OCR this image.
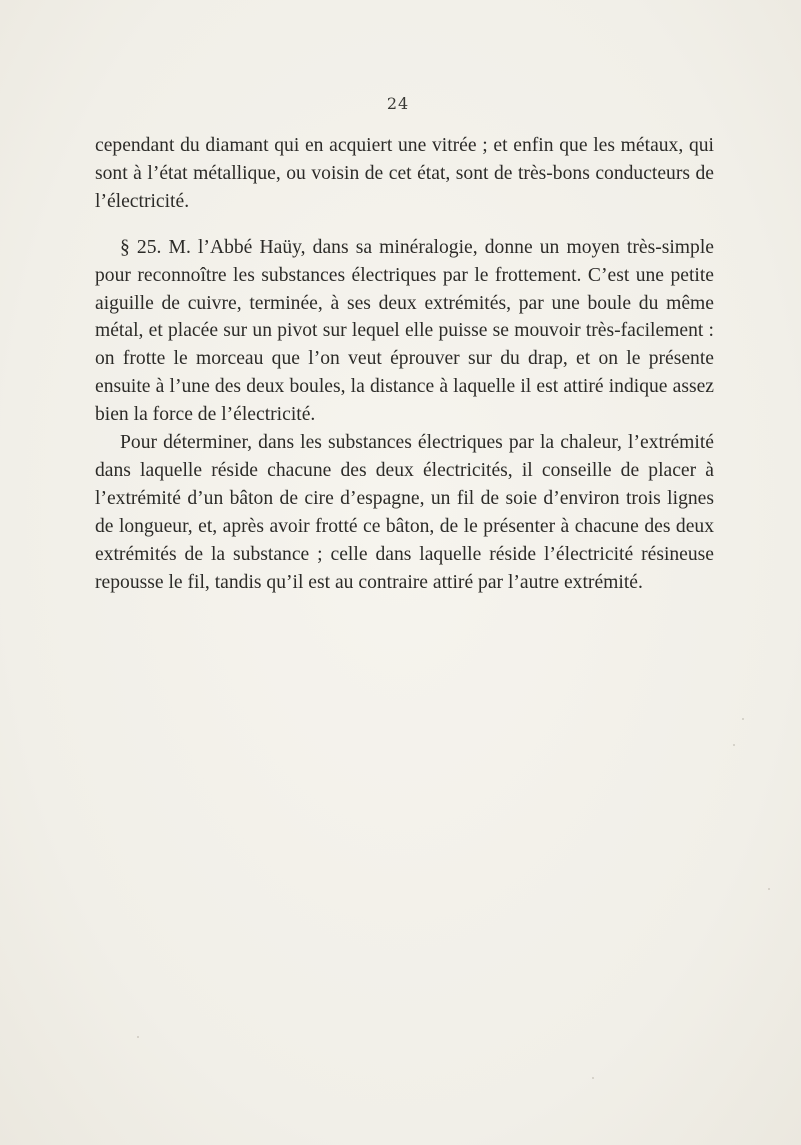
24

cependant du diamant qui en acquiert une vitrée ; et enfin que les métaux, qui sont à l’état métallique, ou voisin de cet état, sont de très-bons conducteurs de l’électricité.

§ 25. M. l’Abbé Haüy, dans sa minéralogie, donne un moyen très-simple pour reconnoître les substances électriques par le frottement. C’est une petite aiguille de cuivre, terminée, à ses deux extrémités, par une boule du même métal, et placée sur un pivot sur lequel elle puisse se mouvoir très-facilement : on frotte le morceau que l’on veut éprouver sur du drap, et on le présente ensuite à l’une des deux boules, la distance à laquelle il est attiré indique assez bien la force de l’électricité.

Pour déterminer, dans les substances électriques par la chaleur, l’extrémité dans laquelle réside chacune des deux électricités, il conseille de placer à l’extrémité d’un bâton de cire d’espagne, un fil de soie d’environ trois lignes de longueur, et, après avoir frotté ce bâton, de le présenter à chacune des deux extrémités de la substance ; celle dans laquelle réside l’électricité résineuse repousse le fil, tandis qu’il est au contraire attiré par l’autre extrémité.
